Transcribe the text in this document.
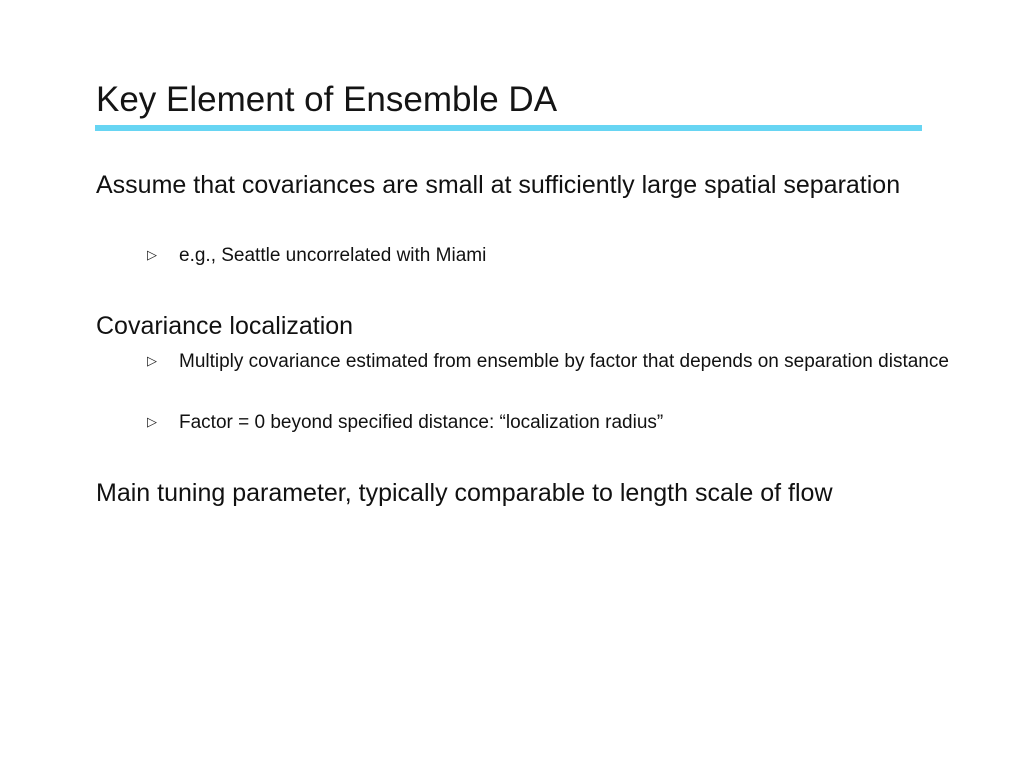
Key Element of Ensemble DA
Assume that covariances are small at sufficiently large spatial separation
▷ e.g., Seattle uncorrelated with Miami
Covariance localization
▷ Multiply covariance estimated from ensemble by factor that depends on separation distance
▷ Factor = 0 beyond specified distance: “localization radius”
Main tuning parameter, typically comparable to length scale of flow
